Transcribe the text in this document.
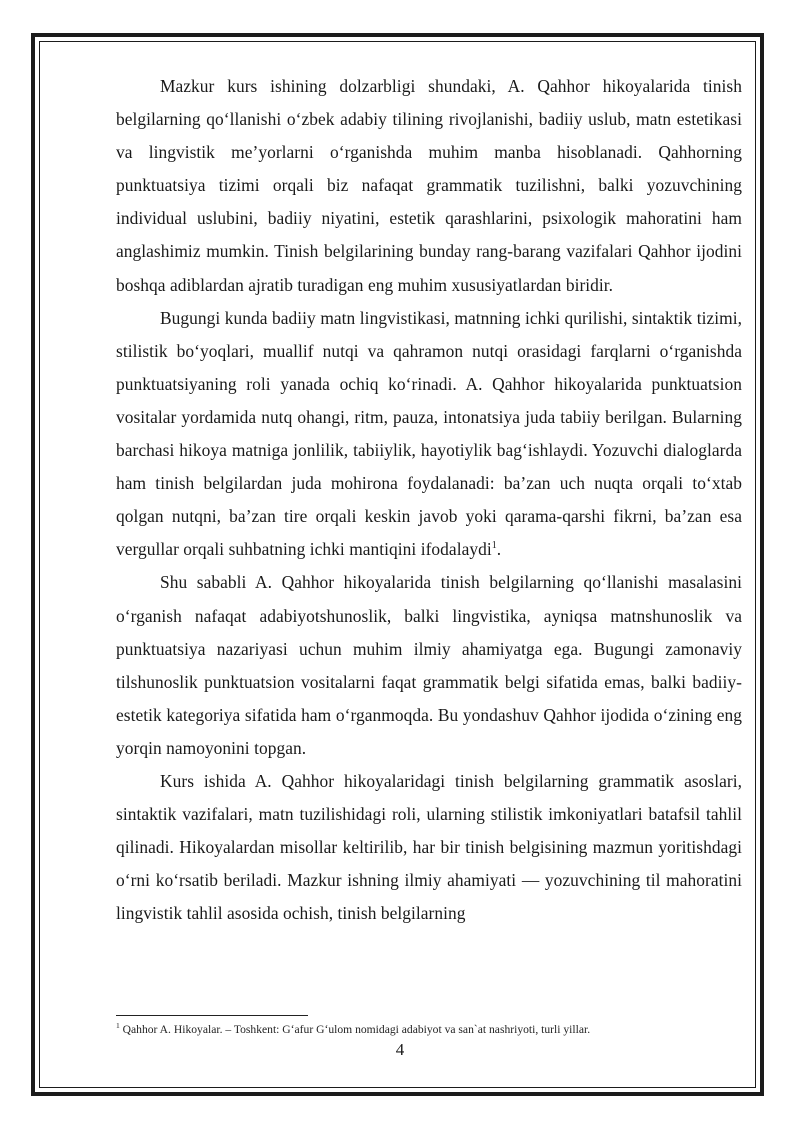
Mazkur kurs ishining dolzarbligi shundaki, A. Qahhor hikoyalarida tinish belgilarning qo‘llanishi o‘zbek adabiy tilining rivojlanishi, badiiy uslub, matn estetikasi va lingvistik me’yorlarni o‘rganishda muhim manba hisoblanadi. Qahhorning punktuatsiya tizimi orqali biz nafaqat grammatik tuzilishni, balki yozuvchining individual uslubini, badiiy niyatini, estetik qarashlarini, psixologik mahoratini ham anglashimiz mumkin. Tinish belgilarining bunday rang-barang vazifalari Qahhor ijodini boshqa adiblardan ajratib turadigan eng muhim xususiyatlardan biridir.

Bugungi kunda badiiy matn lingvistikasi, matnning ichki qurilishi, sintaktik tizimi, stilistik bo‘yoqlari, muallif nutqi va qahramon nutqi orasidagi farqlarni o‘rganishda punktuatsiyaning roli yanada ochiq ko‘rinadi. A. Qahhor hikoyalarida punktuatsion vositalar yordamida nutq ohangi, ritm, pauza, intonatsiya juda tabiiy berilgan. Bularning barchasi hikoya matniga jonlilik, tabiiylik, hayotiylik bag‘ishlaydi. Yozuvchi dialoglarda ham tinish belgilardan juda mohirona foydalanadi: ba’zan uch nuqta orqali to‘xtab qolgan nutqni, ba’zan tire orqali keskin javob yoki qarama-qarshi fikrni, ba’zan esa vergullar orqali suhbatning ichki mantiqini ifodalaydi$^1$.

Shu sababli A. Qahhor hikoyalarida tinish belgilarning qo‘llanishi masalasini o‘rganish nafaqat adabiyotshunoslik, balki lingvistika, ayniqsa matnshunoslik va punktuatsiya nazariyasi uchun muhim ilmiy ahamiyatga ega. Bugungi zamonaviy tilshunoslik punktuatsion vositalarni faqat grammatik belgi sifatida emas, balki badiiy-estetik kategoriya sifatida ham o‘rganmoqda. Bu yondashuv Qahhor ijodida o‘zining eng yorqin namoyonini topgan.

Kurs ishida A. Qahhor hikoyalaridagi tinish belgilarning grammatik asoslari, sintaktik vazifalari, matn tuzilishidagi roli, ularning stilistik imkoniyatlari batafsil tahlil qilinadi. Hikoyalardan misollar keltirilib, har bir tinish belgisining mazmun yoritishdagi o‘rni ko‘rsatib beriladi. Mazkur ishning ilmiy ahamiyati — yozuvchining til mahoratini lingvistik tahlil asosida ochish, tinish belgilarning

$^1$ Qahhor A. Hikoyalar. – Toshkent: G‘afur G‘ulom nomidagi adabiyot va san`at nashriyoti, turli yillar.
4
